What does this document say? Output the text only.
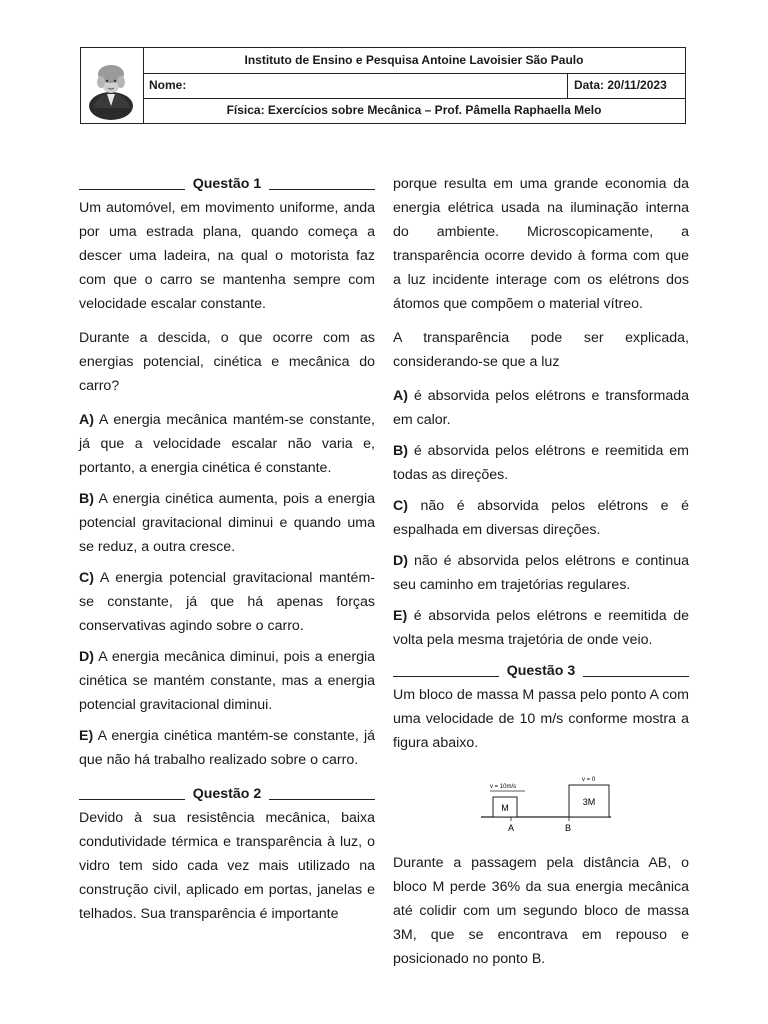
Instituto de Ensino e Pesquisa Antoine Lavoisier São Paulo
Nome:	Data: 20/11/2023
Física: Exercícios sobre Mecânica – Prof. Pâmella Raphaella Melo
Questão 1

Um automóvel, em movimento uniforme, anda por uma estrada plana, quando começa a descer uma ladeira, na qual o motorista faz com que o carro se mantenha sempre com velocidade escalar constante.

Durante a descida, o que ocorre com as energias potencial, cinética e mecânica do carro?

A) A energia mecânica mantém-se constante, já que a velocidade escalar não varia e, portanto, a energia cinética é constante.

B) A energia cinética aumenta, pois a energia potencial gravitacional diminui e quando uma se reduz, a outra cresce.

C) A energia potencial gravitacional mantém-se constante, já que há apenas forças conservativas agindo sobre o carro.

D) A energia mecânica diminui, pois a energia cinética se mantém constante, mas a energia potencial gravitacional diminui.

E) A energia cinética mantém-se constante, já que não há trabalho realizado sobre o carro.

Questão 2

Devido à sua resistência mecânica, baixa condutividade térmica e transparência à luz, o vidro tem sido cada vez mais utilizado na construção civil, aplicado em portas, janelas e telhados. Sua transparência é importante

porque resulta em uma grande economia da energia elétrica usada na iluminação interna do ambiente. Microscopicamente, a transparência ocorre devido à forma com que a luz incidente interage com os elétrons dos átomos que compõem o material vítreo.

A transparência pode ser explicada, considerando-se que a luz

A) é absorvida pelos elétrons e transformada em calor.

B) é absorvida pelos elétrons e reemitida em todas as direções.

C) não é absorvida pelos elétrons e é espalhada em diversas direções.

D) não é absorvida pelos elétrons e continua seu caminho em trajetórias regulares.

E) é absorvida pelos elétrons e reemitida de volta pela mesma trajetória de onde veio.

Questão 3

Um bloco de massa M passa pelo ponto A com uma velocidade de 10 m/s conforme mostra a figura abaixo.

M
v = 10m/s
3M
v = 0
A	B

Durante a passagem pela distância AB, o bloco M perde 36% da sua energia mecânica até colidir com um segundo bloco de massa 3M, que se encontrava em repouso e posicionado no ponto B.
